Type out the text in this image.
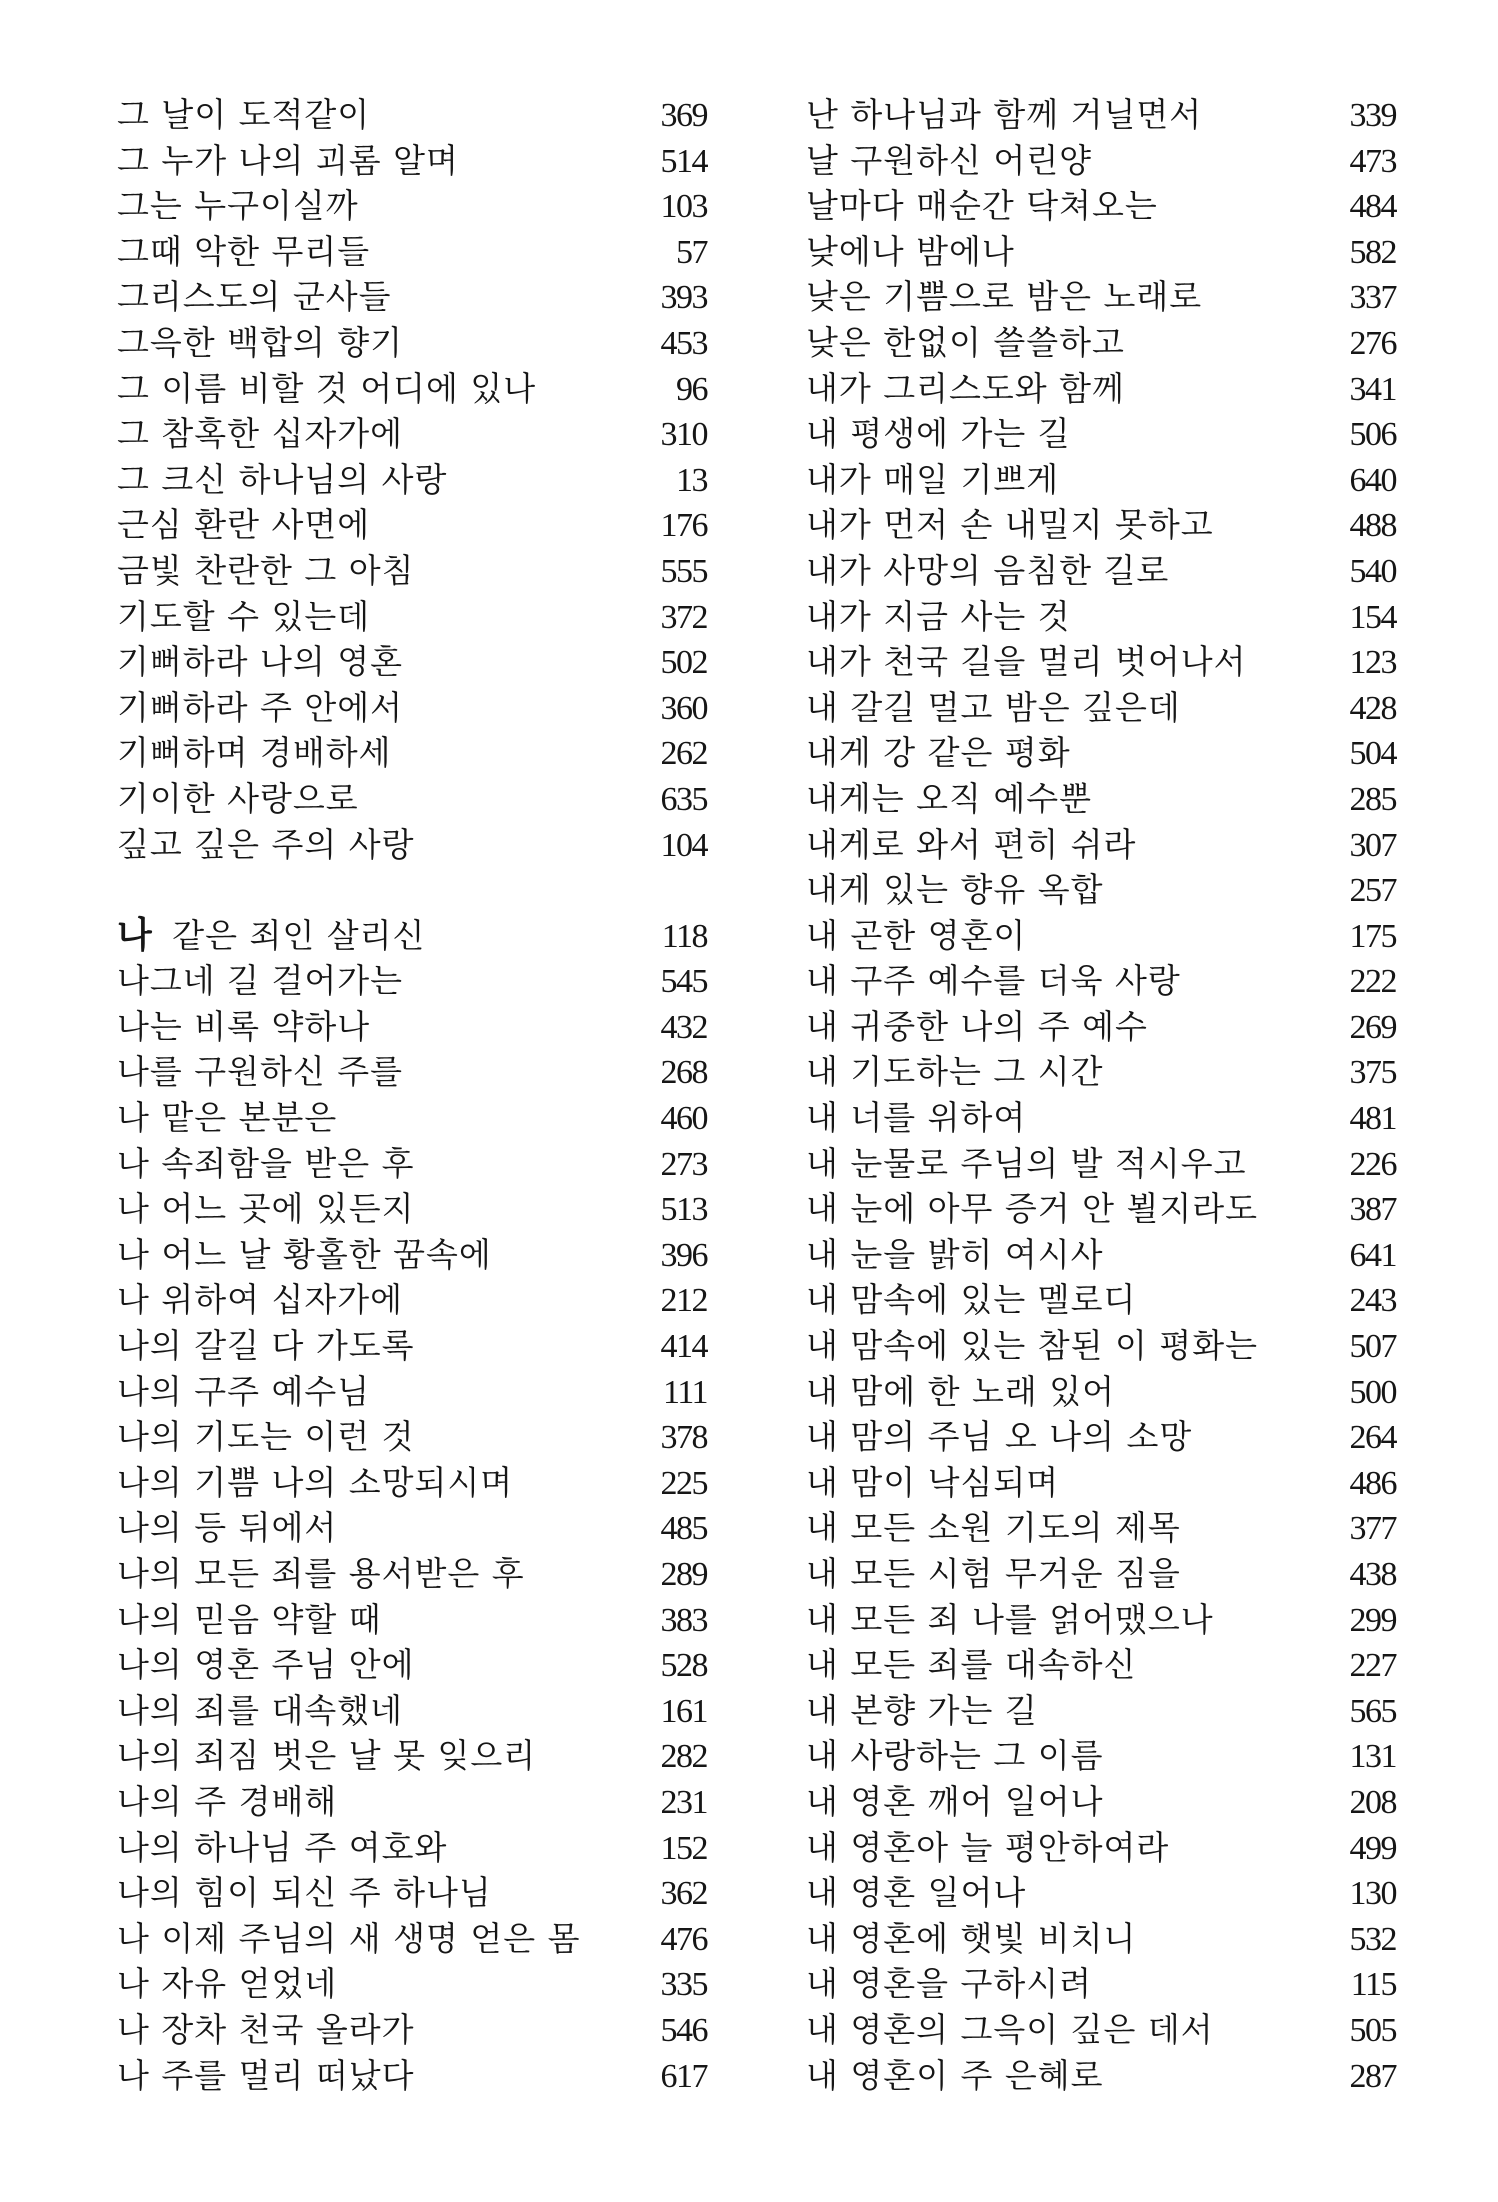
그 날이 도적같이	369
그 누가 나의 괴롬 알며	514
그는 누구이실까	103
그때 악한 무리들	57
그리스도의 군사들	393
그윽한 백합의 향기	453
그 이름 비할 것 어디에 있나	96
그 참혹한 십자가에	310
그 크신 하나님의 사랑	13
근심 환란 사면에	176
금빛 찬란한 그 아침	555
기도할 수 있는데	372
기뻐하라 나의 영혼	502
기뻐하라 주 안에서	360
기뻐하며 경배하세	262
기이한 사랑으로	635
깊고 깊은 주의 사랑	104
나 같은 죄인 살리신	118
나그네 길 걸어가는	545
나는 비록 약하나	432
나를 구원하신 주를	268
나 맡은 본분은	460
나 속죄함을 받은 후	273
나 어느 곳에 있든지	513
나 어느 날 황홀한 꿈속에	396
나 위하여 십자가에	212
나의 갈길 다 가도록	414
나의 구주 예수님	111
나의 기도는 이런 것	378
나의 기쁨 나의 소망되시며	225
나의 등 뒤에서	485
나의 모든 죄를 용서받은 후	289
나의 믿음 약할 때	383
나의 영혼 주님 안에	528
나의 죄를 대속했네	161
나의 죄짐 벗은 날 못 잊으리	282
나의 주 경배해	231
나의 하나님 주 여호와	152
나의 힘이 되신 주 하나님	362
나 이제 주님의 새 생명 얻은 몸 476
나 자유 얻었네	335
나 장차 천국 올라가	546
나 주를 멀리 떠났다	617
난 하나님과 함께 거닐면서	339
날 구원하신 어린양	473
날마다 매순간 닥쳐오는	484
낮에나 밤에나	582
낮은 기쁨으로 밤은 노래로	337
낮은 한없이 쓸쓸하고	276
내가 그리스도와 함께	341
내 평생에 가는 길	506
내가 매일 기쁘게	640
내가 먼저 손 내밀지 못하고	488
내가 사망의 음침한 길로	540
내가 지금 사는 것	154
내가 천국 길을 멀리 벗어나서	123
내 갈길 멀고 밤은 깊은데	428
내게 강 같은 평화	504
내게는 오직 예수뿐	285
내게로 와서 편히 쉬라	307
내게 있는 향유 옥합	257
내 곤한 영혼이	175
내 구주 예수를 더욱 사랑	222
내 귀중한 나의 주 예수	269
내 기도하는 그 시간	375
내 너를 위하여	481
내 눈물로 주님의 발 적시우고	226
내 눈에 아무 증거 안 뵐지라도	387
내 눈을 밝히 여시사	641
내 맘속에 있는 멜로디	243
내 맘속에 있는 참된 이 평화는	507
내 맘에 한 노래 있어	500
내 맘의 주님 오 나의 소망	264
내 맘이 낙심되며	486
내 모든 소원 기도의 제목	377
내 모든 시험 무거운 짐을	438
내 모든 죄 나를 얽어맸으나	299
내 모든 죄를 대속하신	227
내 본향 가는 길	565
내 사랑하는 그 이름	131
내 영혼 깨어 일어나	208
내 영혼아 늘 평안하여라	499
내 영혼 일어나	130
내 영혼에 햇빛 비치니	532
내 영혼을 구하시려	115
내 영혼의 그윽이 깊은 데서	505
내 영혼이 주 은혜로	287
